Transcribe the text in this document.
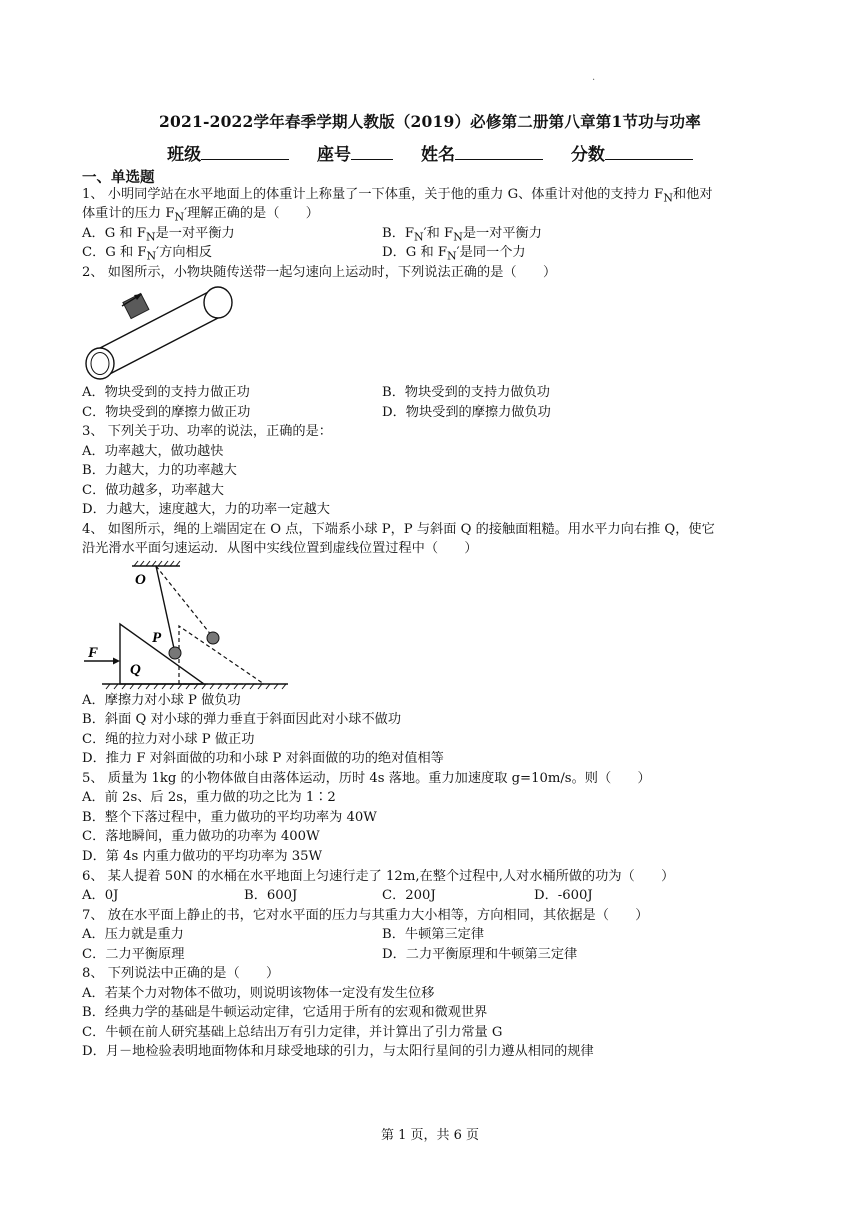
.
2021-2022学年春季学期人教版（2019）必修第二册第八章第1节功与功率
班级	座号	姓名	分数
一、单选题
1、 小明同学站在水平地面上的体重计上称量了一下体重，关于他的重力 G、体重计对他的支持力 $F_N$和他对
体重计的压力 $F_N'$理解正确的是（　　）
A．G 和 $F_N$是一对平衡力	B．$F_N'$和 $F_N$是一对平衡力
C．G 和 $F_N'$方向相反	D．G 和 $F_N'$是同一个力
2、 如图所示，小物块随传送带一起匀速向上运动时，下列说法正确的是（　　）
A．物块受到的支持力做正功	B．物块受到的支持力做负功
C．物块受到的摩擦力做正功	D．物块受到的摩擦力做负功
3、 下列关于功、功率的说法，正确的是：
A．功率越大，做功越快
B．力越大，力的功率越大
C．做功越多，功率越大
D．力越大，速度越大，力的功率一定越大
4、 如图所示，绳的上端固定在 O 点，下端系小球 P，P 与斜面 Q 的接触面粗糙。用水平力向右推 Q，使它
沿光滑水平面匀速运动．从图中实线位置到虚线位置过程中（　　）
O
P
F
Q
A．摩擦力对小球 P 做负功
B．斜面 Q 对小球的弹力垂直于斜面因此对小球不做功
C．绳的拉力对小球 P 做正功
D．推力 F 对斜面做的功和小球 P 对斜面做的功的绝对值相等
5、 质量为 1kg 的小物体做自由落体运动，历时 4s 落地。重力加速度取 g=10m/s。则（　　）
A．前 2s、后 2s，重力做的功之比为 1∶2
B．整个下落过程中，重力做功的平均功率为 40W
C．落地瞬间，重力做功的功率为 400W
D．第 4s 内重力做功的平均功率为 35W
6、 某人提着 50N 的水桶在水平地面上匀速行走了 12m,在整个过程中,人对水桶所做的功为（　　）
A．0J	B．600J	C．200J	D．-600J
7、 放在水平面上静止的书，它对水平面的压力与其重力大小相等，方向相同，其依据是（　　）
A．压力就是重力	B．牛顿第三定律
C．二力平衡原理	D．二力平衡原理和牛顿第三定律
8、 下列说法中正确的是（　　）
A．若某个力对物体不做功，则说明该物体一定没有发生位移
B．经典力学的基础是牛顿运动定律，它适用于所有的宏观和微观世界
C．牛顿在前人研究基础上总结出万有引力定律，并计算出了引力常量 G
D．月－地检验表明地面物体和月球受地球的引力，与太阳行星间的引力遵从相同的规律
第 1 页，共 6 页
